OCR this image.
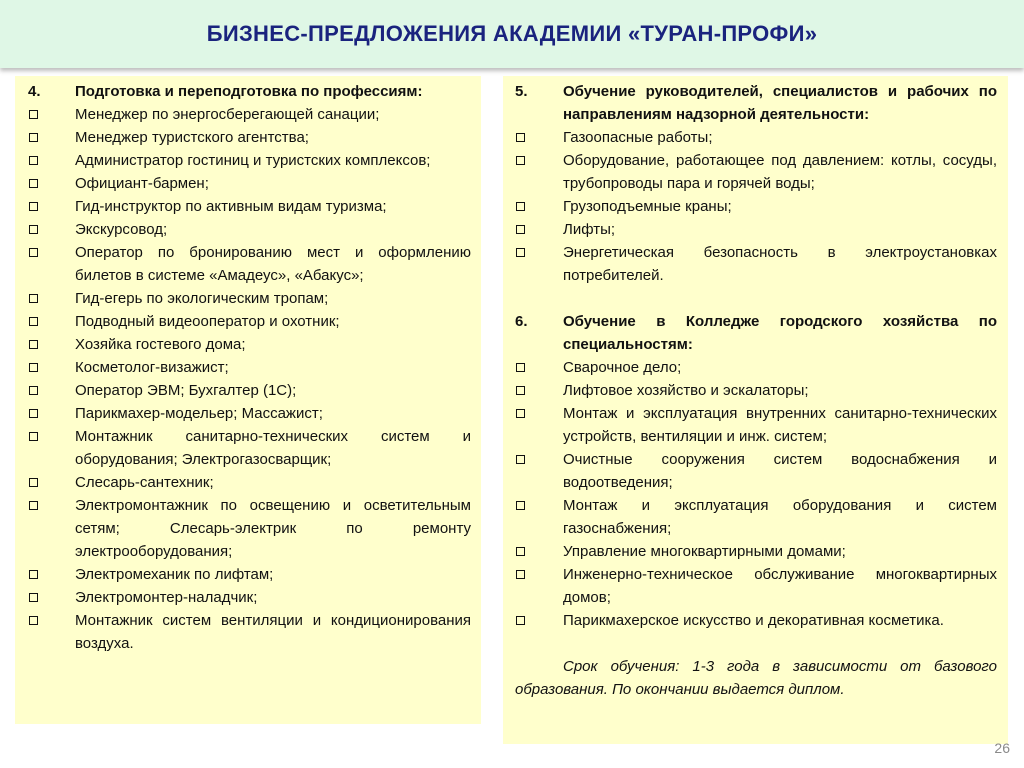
БИЗНЕС-ПРЕДЛОЖЕНИЯ АКАДЕМИИ «ТУРАН-ПРОФИ»
4.	Подготовка и переподготовка по профессиям:
Менеджер по энергосберегающей санации;
Менеджер туристского агентства;
Администратор гостиниц и туристских комплексов;
Официант-бармен;
Гид-инструктор по активным видам туризма;
Экскурсовод;
Оператор по бронированию мест и оформлению билетов в системе «Амадеус», «Абакус»;
Гид-егерь по экологическим тропам;
Подводный видеооператор и охотник;
Хозяйка гостевого дома;
Косметолог-визажист;
Оператор ЭВМ; Бухгалтер (1С);
Парикмахер-модельер; Массажист;
Монтажник санитарно-технических систем и оборудования; Электрогазосварщик;
Слесарь-сантехник;
Электромонтажник по освещению и осветительным сетям; Слесарь-электрик по ремонту электрооборудования;
Электромеханик по лифтам;
Электромонтер-наладчик;
Монтажник систем вентиляции и кондиционирования воздуха.
5.	Обучение руководителей, специалистов и рабочих по направлениям надзорной деятельности:
Газоопасные работы;
Оборудование, работающее под давлением: котлы, сосуды, трубопроводы пара и горячей воды;
Грузоподъемные краны;
Лифты;
Энергетическая безопасность в электроустановках потребителей.
6.	Обучение в Колледже городского хозяйства по специальностям:
Сварочное дело;
Лифтовое хозяйство и эскалаторы;
Монтаж и эксплуатация внутренних санитарно-технических устройств, вентиляции и инж. систем;
Очистные сооружения систем водоснабжения и водоотведения;
Монтаж и эксплуатация оборудования и систем газоснабжения;
Управление многоквартирными домами;
Инженерно-техническое обслуживание многоквартирных домов;
Парикмахерское искусство и декоративная косметика.
Срок обучения: 1-3 года в зависимости от базового образования. По окончании выдается диплом.
26
